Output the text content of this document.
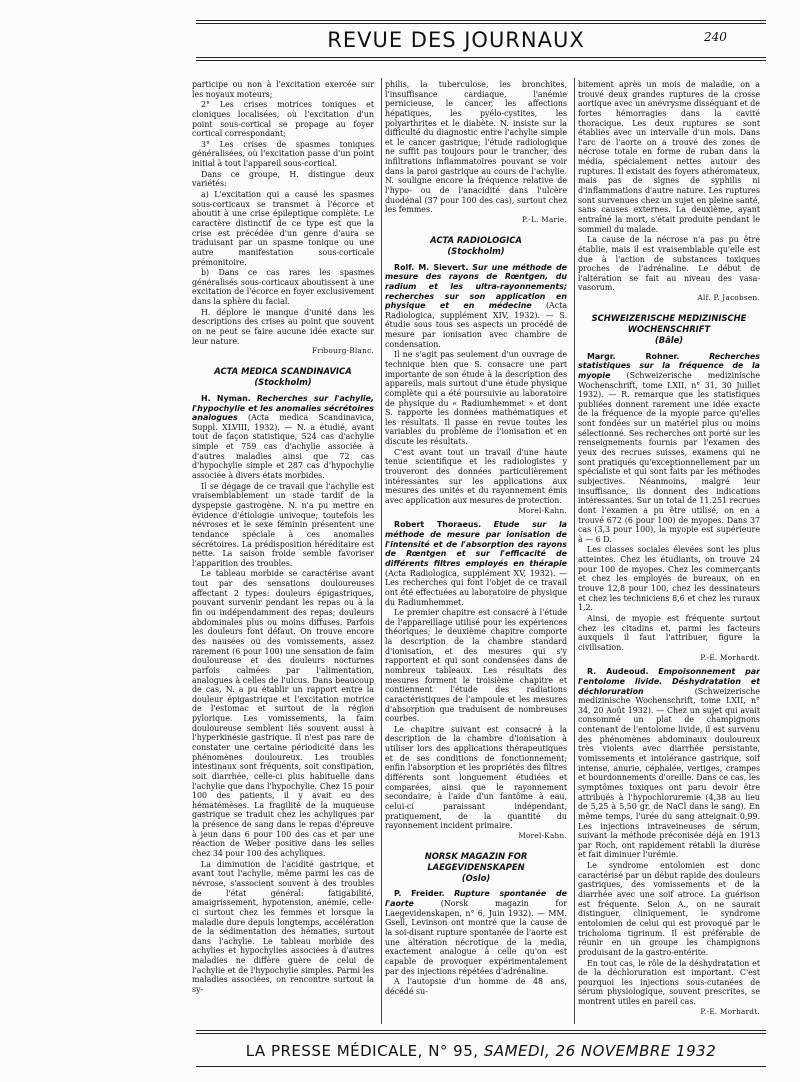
REVUE DES JOURNAUX	240

participe ou non à l'excitation exercée sur les noyaux moteurs;

2° Les crises motrices toniques et cloniques localisées, où l'excitation d'un point sous-cortical se propage au foyer cortical correspondant;

3° Les crises de spasmes toniques généralisées, où l'excitation passe d'un point initial à tout l'appareil sous-cortical.

Dans ce groupe, H. distingue deux variétés:

a) L'excitation qui a causé les spasmes sous-corticaux se transmet à l'écorce et aboutit à une crise épileptique complète. Le caractère distinctif de ce type est que la crise est précédée d'un genre d'aura se traduisant par un spasme tonique ou une autre manifestation sous-corticale prémonitoire.

b) Dans ce cas rares les spasmes généralisés sous-corticaux aboutissent à une excitation de l'écorce en foyer exclusivement dans la sphère du facial.

H. déplore le manque d'unité dans les descriptions des crises au point que souvent on ne peut se faire aucune idée exacte sur leur nature.

Fribourg-Blanc.

ACTA MEDICA SCANDINAVICA
(Stockholm)

H. Nyman. Recherches sur l'achylie, l'hypochylie et les anomalies sécrétoires analogues (Acta medica Scandinavica, Suppl. XLVIII, 1932). — N. a étudié, avant tout de façon statistique, 524 cas d'achylie simple et 759 cas d'achylie associée à d'autres maladies ainsi que 72 cas d'hypochylie simple et 287 cas d'hypochylie associée à divers états morbides.

Il se dégage de ce travail que l'achylie est vraisemblablement un stade tardif de la dyspepsie gastrogène. N. n'a pu mettre en évidence d'étiologie univoque; toutefois les névroses et le sexe féminin présentent une tendance spéciale à ces anomalies sécrétoires. La prédisposition héréditaire est nette. La saison froide semble favoriser l'apparition des troubles.

Le tableau morbide se caractérise avant tout par des sensations douloureuses affectant 2 types: douleurs épigastriques, pouvant survenir pendant les repas ou à la fin ou indépendamment des repas; douleurs abdominales plus ou moins diffuses. Parfois les douleurs font défaut. On trouve encore des nausées ou des vomissements, assez rarement (6 pour 100) une sensation de faim douloureuse et des douleurs nocturnes parfois calmées par l'alimentation, analogues à celles de l'ulcus. Dans beaucoup de cas, N. a pu établir un rapport entre la douleur épigastrique et l'excitation motrice de l'estomac et surtout de la région pylorique. Les vomissements, la faim douloureuse semblent liés souvent aussi à l'hyperkinésie gastrique. Il n'est pas rare de constater une certaine périodicité dans les phénomènes douloureux. Les troubles intestinaux sont fréquents, soit constipation, soit diarrhée, celle-ci plus habituelle dans l'achylie que dans l'hypochylie. Chez 15 pour 100 des patients, il y avait eu des hématémèses. La fragilité de la muqueuse gastrique se traduit chez les achyliques par la présence de sang dans le repas d'épreuve à jeun dans 6 pour 100 des cas et par une réaction de Weber positive dans les selles chez 34 pour 100 des achyliques.

La diminution de l'acidité gastrique, et avant tout l'achylie, même parmi les cas de névrose, s'associent souvent à des troubles de l'état général: fatigabilité, amaigrissement, hypotension, anémie, celle-ci surtout chez les femmes et lorsque la maladie dure depuis longtemps, accélération de la sédimentation des hématies, surtout dans l'achylie. Le tableau morbide des achylies et hypochylies associées à d'autres maladies ne diffère guère de celui de l'achylie et de l'hypochylie simples. Parmi les maladies associées, on rencontre surtout la sy-

philis, la tuberculose, les bronchites, l'insuffisance cardiaque, l'anémie pernicieuse, le cancer, les affections hépatiques, les pyélo-cystites, les polyarthrites et le diabète. N. insiste sur la difficulté du diagnostic entre l'achylie simple et le cancer gastrique; l'étude radiologique ne suffit pas toujours pour le trancher, des infiltrations inflammatoires pouvant se voir dans la paroi gastrique au cours de l'achylie. N. souligne encore la fréquence relative de l'hypo- ou de l'anacidité dans l'ulcère duodénal (37 pour 100 des cas), surtout chez les femmes.

P.-L. Marie.

ACTA RADIOLOGICA
(Stockholm)

Rolf. M. Sievert. Sur une méthode de mesure des rayons de Rœntgen, du radium et les ultra-rayonnements; recherches sur son application en physique et en médecine (Acta Radiologica, supplément XIV, 1932). — S. étudie sous tous ses aspects un procédé de mesure par ionisation avec chambre de condensation.

Il ne s'agit pas seulement d'un ouvrage de technique bien que S. consacre une part importante de son étude à la description des appareils, mais surtout d'une étude physique complète qui a été poursuivie au laboratoire de physique du « Radiumhemmet » et dont S. rapporte les données mathématiques et les résultats. Il passe en revue toutes les variables du problème de l'ionisation et en discute les résultats.

C'est avant tout un travail d'une haute tenue scientifique et les radiologistes y trouveront des données particulièrement intéressantes sur les applications aux mesures des unités et du rayonnement émis avec application aux mesures de protection.

Morel-Kahn.

Robert Thoraeus. Etude sur la méthode de mesure par ionisation de l'intensité et de l'absorption des rayons de Rœntgen et sur l'efficacité de différents filtres employés en thérapie (Acta Radiologica, supplément XV, 1932). — Les recherches qui font l'objet de ce travail ont été effectuées au laboratoire de physique du Radiumhemmet.

Le premier chapitre est consacré à l'étude de l'appareillage utilisé pour les expériences théoriques; le deuxième chapitre comporte la description de la chambre standard d'ionisation, et des mesures qui s'y rapportent et qui sont condensées dans de nombreux tableaux. Les résultats des mesures forment le troisième chapitre et contiennent l'étude des radiations caractéristiques de l'ampoule et les mesures d'absorption que traduisent de nombreuses courbes.

Le chapitre suivant est consacré à la description de la chambre d'ionisation à utiliser lors des applications thérapeutiques et de ses conditions de fonctionnement; enfin l'absorption et les propriétés des filtres différents sont longuement étudiées et comparées, ainsi que le rayonnement secondaire, à l'aide d'un fantôme à eau, celui-ci paraissant indépendant, pratiquement, de la quantité du rayonnement incident primaire.

Morel-Kahn.

NORSK MAGAZIN FOR LAEGEVIDENSKAPEN
(Oslo)

P. Freider. Rupture spontanée de l'aorte	(Norsk magazin for Laegevidenskapen, n° 6, Juin 1932). — MM. Gsell, Levinson ont montré que la cause de la soi-disant rupture spontanée de l'aorte est une altération nécrotique de la media, exactement analogue à celle qu'on est capable de provoquer expérimentalement par des injections répétées d'adrénaline.

A l'autopsie d'un homme de 48 ans, décédé su-

bitement après un mois de maladie, on a trouvé deux grandes ruptures de la crosse aortique avec un anévrysme disséquant et de fortes hémorragies dans la cavité thoracique. Les deux ruptures se sont établies avec un intervalle d'un mois. Dans l'arc de l'aorte on a trouvé des zones de nécrose totale en forme de ruban dans la média, spécialement nettes autour des ruptures. Il existait des foyers athéromateux, mais pas de signes de syphilis ni d'inflammations d'autre nature. Les ruptures sont survenues chez un sujet en pleine santé, sans causes externes. La deuxième, ayant entraîné la mort, s'était produite pendant le sommeil du malade.

La cause de la nécrose n'a pas pu être établie, mais il est vraisemblable qu'elle est due à l'action de substances toxiques proches de l'adrénaline. Le début de l'altération se fait au niveau des vasa-vasorum.

Alf. P. Jacobsen.

SCHWEIZERISCHE MEDIZINISCHE WOCHENSCHRIFT
(Bâle)

Margr. Rohner.	Recherches statistiques sur la fréquence de la myopie (Schweizerische medizinische Wochenschrift, tome LXII, n° 31, 30 Juillet 1932). — R. remarque que les statistiques publiées donnent rarement une idée exacte de la fréquence de la myopie parce qu'elles sont fondées sur un matériel plus ou moins sélectionné. Ses recherches ont porté sur les renseignements fournis par l'examen des yeux des recrues suisses, examens qui ne sont pratiqués qu'exceptionnellement par un spécialiste et qui sont faits par les méthodes subjectives. Néanmoins, malgré leur insuffisance, ils donnent des indications intéressantes. Sur un total de 11.251 recrues dont l'examen a pu être utilisé, on en a trouvé 672 (6 pour 100) de myopes. Dans 37 cas (3,3 pour 100), la myopie est supérieure à — 6 D.

Les classes sociales élevées sont les plus atteintes. Chez les étudiants, on trouve 24 pour 100 de myopes. Chez les commerçants et chez les employés de bureaux, on en trouve 12,8 pour 100, chez les dessinateurs et chez les techniciens 8,6 et chez les ruraux 1,2.

Ainsi, de myopie est fréquente surtout chez les citadins et, parmi les facteurs auxquels il faut l'attribuer, figure la civilisation.

P.-E. Morhardt.

R. Audeoud. Empoisonnement par l'entolome livide. Déshydratation et déchloruration	(Schweizerische medizinische Wochenschrift, tome LXII, n° 34, 20 Août 1932). — Chez un sujet qui avait consommé un plat de champignons contenant de l'entolome livide, il est survenu des phénomènes abdominaux douloureux très violents avec diarrhée persistante, vomissements et intolérance gastrique, soif intense, anurie, céphalée, vertiges, crampes et bourdonnements d'oreille. Dans ce cas, les symptômes toxiques ont paru devoir être attribués à l'hypochloruremie (4,38 au lieu de 5,25 à 5,50 gr. de NaCl dans le sang). En même temps, l'urée du sang atteignait 0,99. Les injections intraveineuses de sérum, suivant la méthode préconisée déjà en 1913 par Roch, ont rapidement rétabli la diurèse et fait diminuer l'urémie.

Le syndrome entolomien est donc caractérisé par un début rapide des douleurs gastriques, des vomissements et de la diarrhée avec une soif atroce. La guérison est fréquente. Selon A., on ne saurait distinguer, cliniquement, le syndrome entolomien de celui qui est provoqué par le tricholoma tigrinum. Il est préférable de réunir en un groupe les champignons produisant de la gastro-entérite.

En tout cas, le rôle de la déshydratation et de la déchloruration est important. C'est pourquoi les injections sous-cutanées de sérum physiologique, souvent prescrites, se montrent utiles en pareil cas.

P.-E. Morhardt.

LA PRESSE MÉDICALE, N° 95, SAMEDI, 26 NOVEMBRE 1932
